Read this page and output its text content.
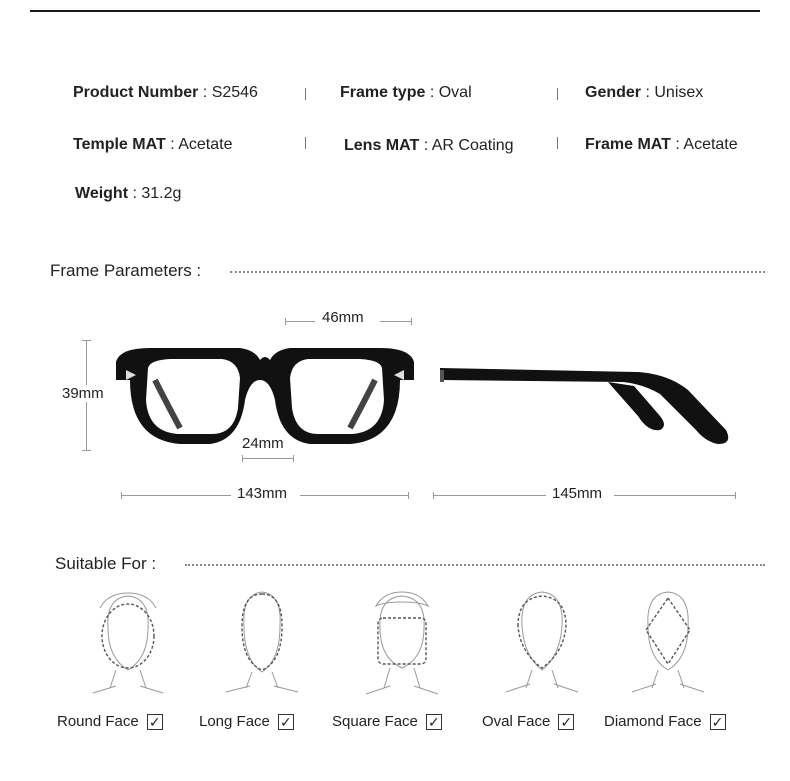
Product Number : S2546	Frame type : Oval	Gender : Unisex
Temple MAT : Acetate	Lens MAT : AR Coating	Frame MAT : Acetate
Weight : 31.2g
Frame Parameters :
46mm
39mm
24mm
143mm	145mm
Suitable For :
Round Face ✓	Long Face ✓	Square Face ✓	Oval Face ✓ Diamond Face ✓
